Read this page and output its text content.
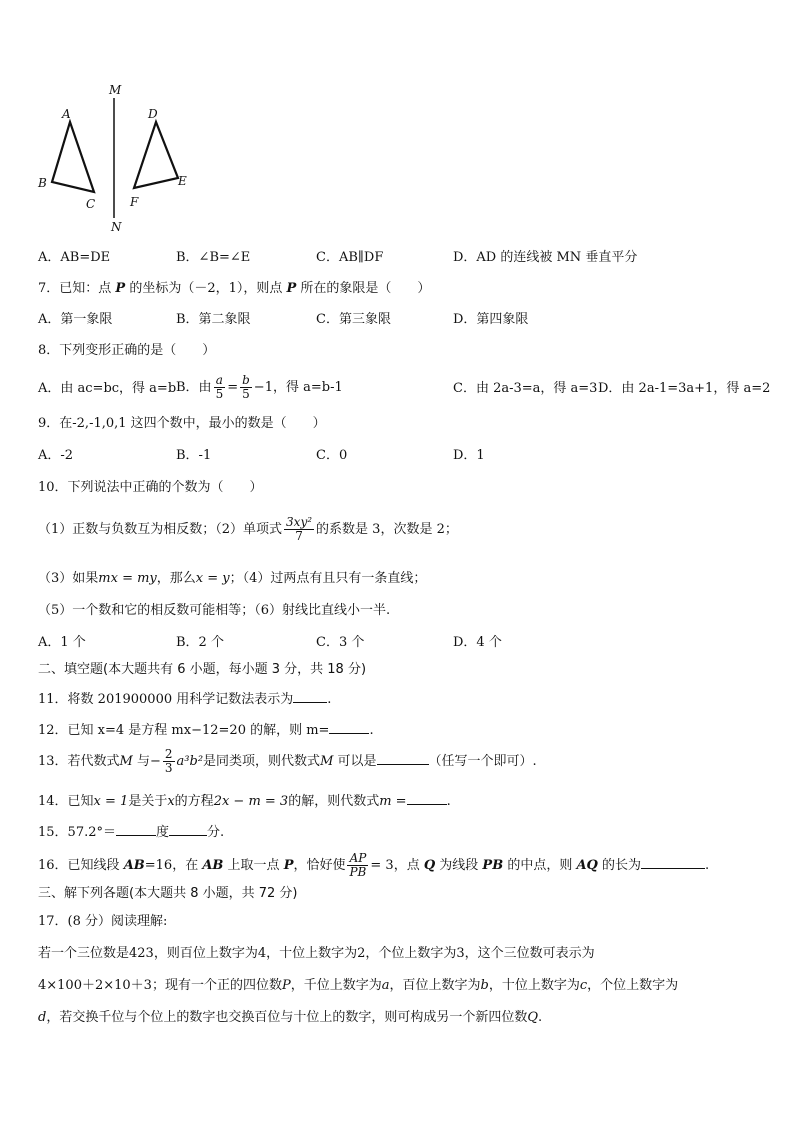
M
N
A
B
C
D
E
F
A．AB=DE	B．∠B=∠E	C．AB∥DF	D．AD 的连线被 MN 垂直平分
7．已知：点 P 的坐标为（－2，1），则点 P 所在的象限是（　　）
A．第一象限	B．第二象限	C．第三象限	D．第四象限
8．下列变形正确的是（　　）
A．由 ac=bc，得 a=b B．由 $\frac{a}{5} = \frac{b}{5} -1$，得 a=b-1	C．由 2a-3=a，得 a=3 D．由 2a-1=3a+1，得 a=2
9．在-2,-1,0,1 这四个数中，最小的数是（　　）
A．-2	B．-1	C．0	D．1
10．下列说法中正确的个数为（　　）
（1）正数与负数互为相反数；（2）单项式 $\frac{\text{3xy²}}{7}$ 的系数是 3，次数是 2；
（3）如果mx = my，那么x = y；（4）过两点有且只有一条直线；
（5）一个数和它的相反数可能相等；（6）射线比直线小一半.
A．1 个	B．2 个	C．3 个	D．4 个
二、填空题(本大题共有 6 小题，每小题 3 分，共 18 分)
11．将数 201900000 用科学记数法表示为	.
12．已知 x=4 是方程 mx−12=20 的解，则 m=	.
13．若代数式M 与− $\frac{2}{3} a^3b^2$是同类项，则代数式M 可以是	（任写一个即可）.
14．已知x = 1是关于x的方程2x − m = 3的解，则代数式m =	.
15．57.2°＝	度	分.
16．已知线段 AB=16，在 AB 上取一点 P，恰好使 $\frac{AP}{PB} = 3$，点 Q 为线段 PB 的中点，则 AQ 的长为	.
三、解下列各题(本大题共 8 小题，共 72 分)
17．(8 分）阅读理解:
若一个三位数是423，则百位上数字为4，十位上数字为2，个位上数字为3，这个三位数可表示为
4×100＋2×10＋3；现有一个正的四位数P，千位上数字为a，百位上数字为b，十位上数字为c，个位上数字为
d，若交换千位与个位上的数字也交换百位与十位上的数字，则可构成另一个新四位数Q.
